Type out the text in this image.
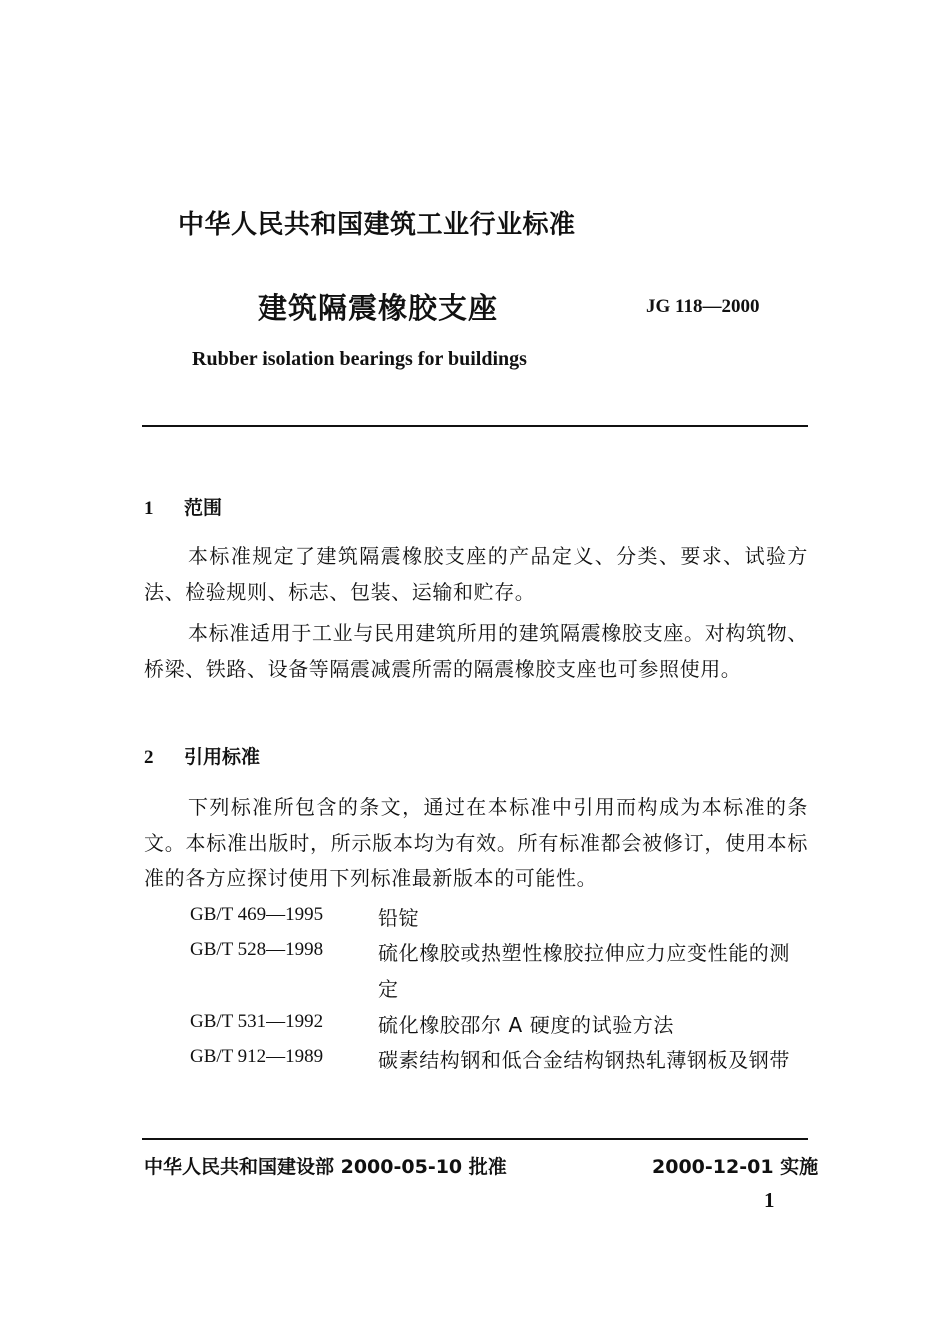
中华人民共和国建筑工业行业标准
建筑隔震橡胶支座	JG 118—2000
Rubber isolation bearings for buildings
1 范围
本标准规定了建筑隔震橡胶支座的产品定义、分类、要求、试验方法、检验规则、标志、包装、运输和贮存。
本标准适用于工业与民用建筑所用的建筑隔震橡胶支座。对构筑物、桥梁、铁路、设备等隔震减震所需的隔震橡胶支座也可参照使用。
2 引用标准
下列标准所包含的条文，通过在本标准中引用而构成为本标准的条文。本标准出版时，所示版本均为有效。所有标准都会被修订，使用本标准的各方应探讨使用下列标准最新版本的可能性。
GB/T 469—1995	铅锭
GB/T 528—1998	硫化橡胶或热塑性橡胶拉伸应力应变性能的测定
GB/T 531—1992	硫化橡胶邵尔 A 硬度的试验方法
GB/T 912—1989	碳素结构钢和低合金结构钢热轧薄钢板及钢带
中华人民共和国建设部 2000-05-10 批准	2000-12-01 实施
1
